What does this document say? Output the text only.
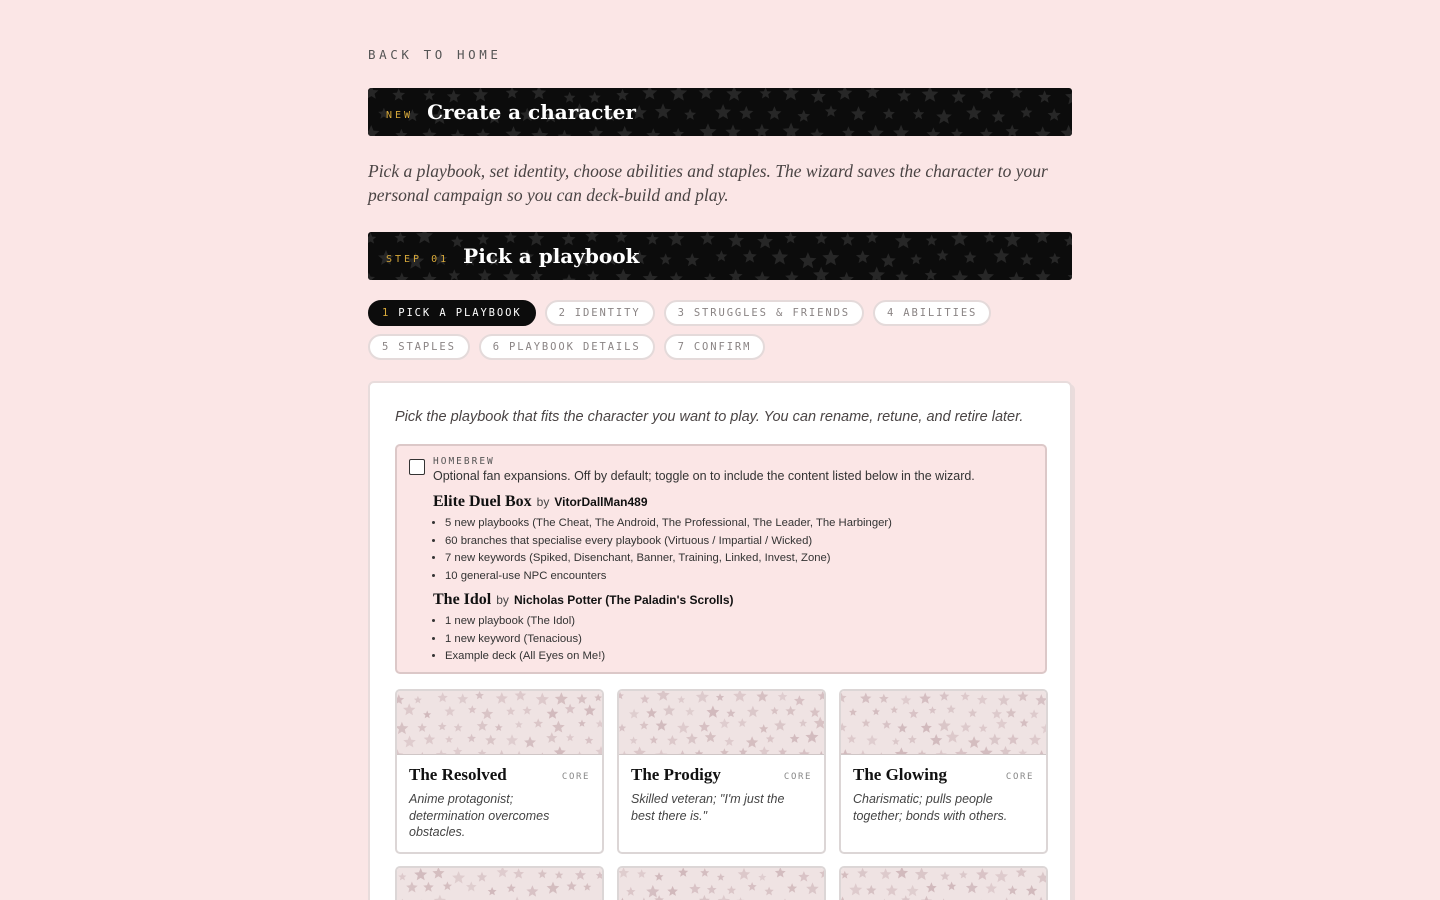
BACK TO HOME
NEW Create a character

Pick a playbook, set identity, choose abilities and staples. The wizard saves the character to your personal campaign so you can deck-build and play.

STEP 01 Pick a playbook
1 PICK A PLAYBOOK	2 IDENTITY	3 STRUGGLES & FRIENDS	4 ABILITIES
5 STAPLES	6 PLAYBOOK DETAILS	7 CONFIRM

Pick the playbook that fits the character you want to play. You can rename, retune, and retire later.

HOMEBREW
Optional fan expansions. Off by default; toggle on to include the content listed below in the wizard.
Elite Duel Box by VitorDallMan489
• 5 new playbooks (The Cheat, The Android, The Professional, The Leader, The Harbinger)
• 60 branches that specialise every playbook (Virtuous / Impartial / Wicked)
• 7 new keywords (Spiked, Disenchant, Banner, Training, Linked, Invest, Zone)
• 10 general-use NPC encounters
The Idol by Nicholas Potter (The Paladin's Scrolls)
• 1 new playbook (The Idol)
• 1 new keyword (Tenacious)
• Example deck (All Eyes on Me!)
The Resolved	CORE
Anime protagonist; determination overcomes obstacles.
The Prodigy	CORE
Skilled veteran; "I'm just the best there is."
The Glowing	CORE
Charismatic; pulls people together; bonds with others.
